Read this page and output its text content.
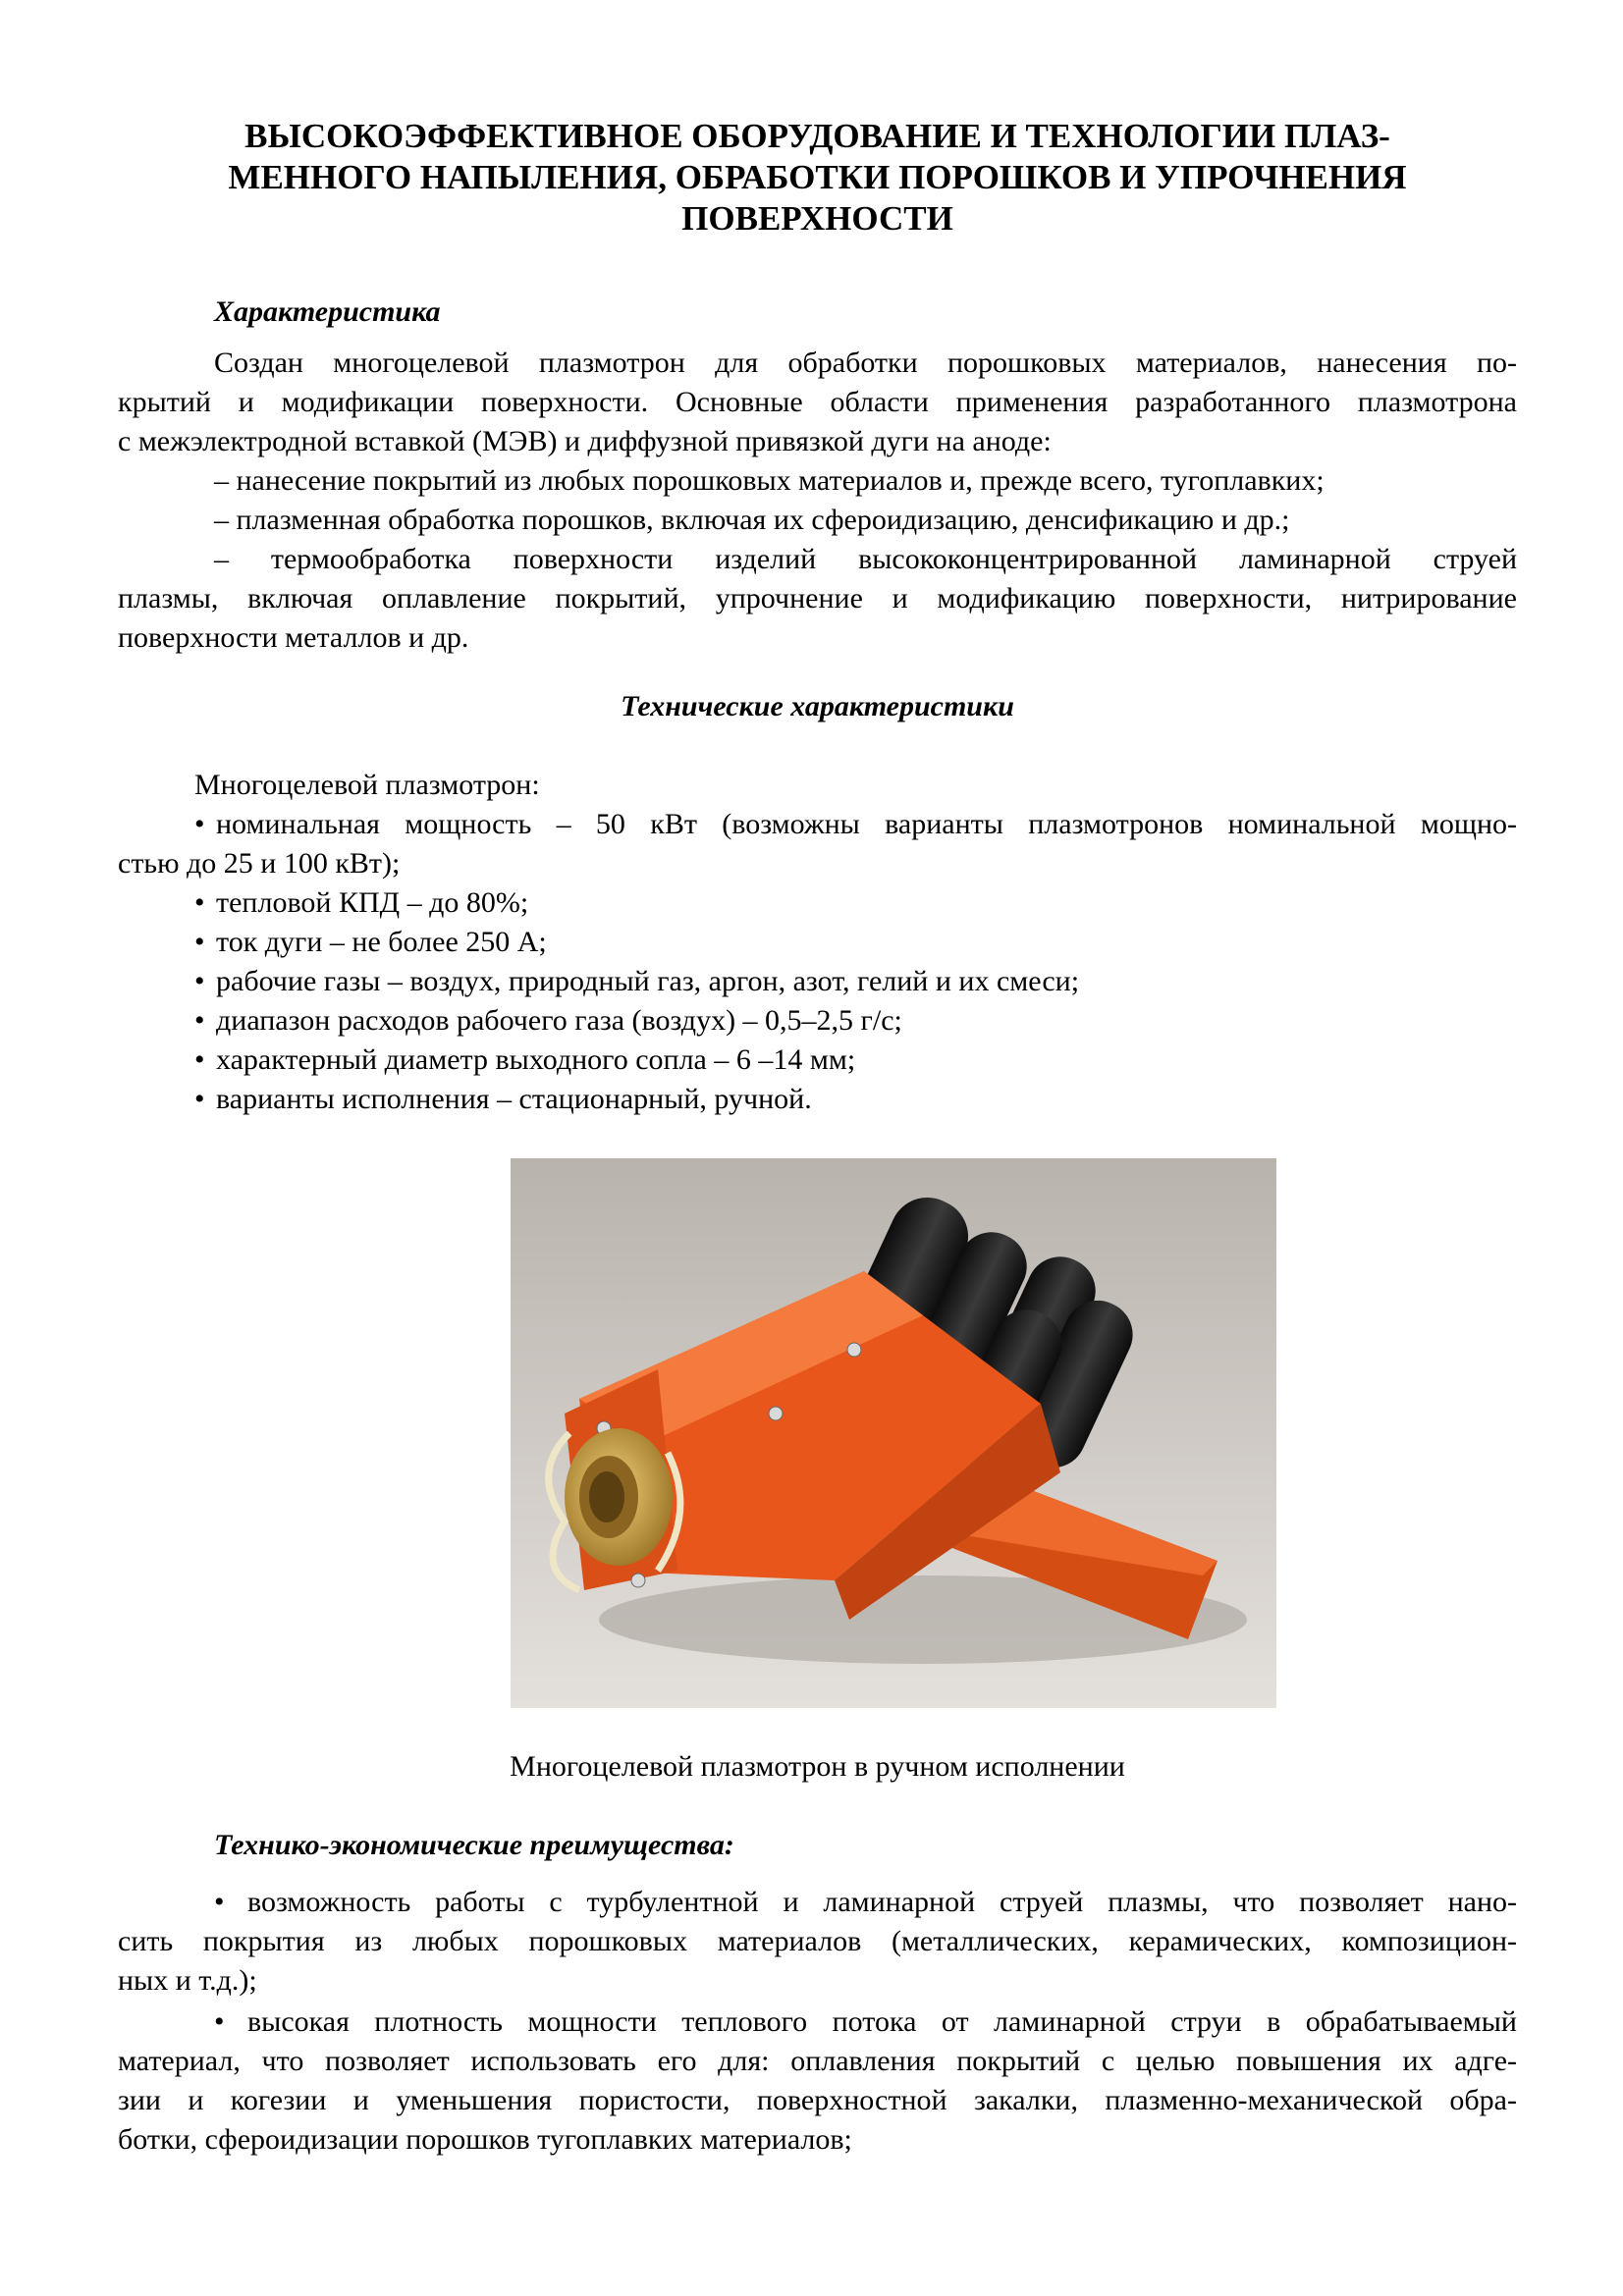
ВЫСОКОЭФФЕКТИВНОЕ ОБОРУДОВАНИЕ И ТЕХНОЛОГИИ ПЛАЗ-
МЕННОГО НАПЫЛЕНИЯ, ОБРАБОТКИ ПОРОШКОВ И УПРОЧНЕНИЯ
ПОВЕРХНОСТИ
Характеристика
Создан многоцелевой плазмотрон для обработки порошковых материалов, нанесения по-
крытий и модификации поверхности. Основные области применения разработанного плазмотрона
с межэлектродной вставкой (МЭВ) и диффузной привязкой дуги на аноде:
– нанесение покрытий из любых порошковых материалов и, прежде всего, тугоплавких;
– плазменная обработка порошков, включая их сфероидизацию, денсификацию и др.;
– термообработка поверхности изделий высококонцентрированной ламинарной струей
плазмы, включая оплавление покрытий, упрочнение и модификацию поверхности, нитрирование
поверхности металлов и др.
Технические характеристики
Многоцелевой плазмотрон:
• номинальная мощность – 50 кВт (возможны варианты плазмотронов номинальной мощно-
стью до 25 и 100 кВт);
• тепловой КПД – до 80%;
• ток дуги – не более 250 А;
• рабочие газы – воздух, природный газ, аргон, азот, гелий и их смеси;
• диапазон расходов рабочего газа (воздух) – 0,5–2,5 г/с;
• характерный диаметр выходного сопла – 6 –14 мм;
• варианты исполнения – стационарный, ручной.
Многоцелевой плазмотрон в ручном исполнении
Технико-экономические преимущества:
• возможность работы с турбулентной и ламинарной струей плазмы, что позволяет нано-
сить покрытия из любых порошковых материалов (металлических, керамических, композицион-
ных и т.д.);
• высокая плотность мощности теплового потока от ламинарной струи в обрабатываемый
материал, что позволяет использовать его для: оплавления покрытий с целью повышения их адге-
зии и когезии и уменьшения пористости, поверхностной закалки, плазменно-механической обра-
ботки, сфероидизации порошков тугоплавких материалов;
